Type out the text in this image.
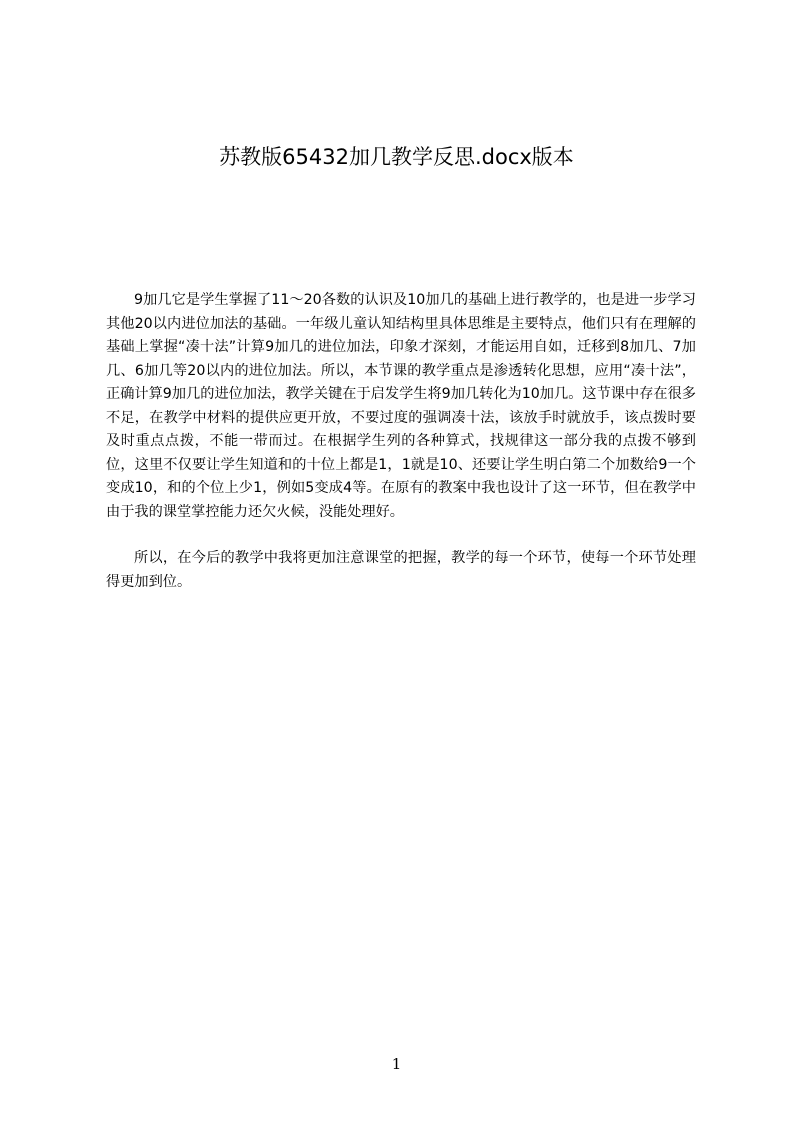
苏教版65432加几教学反思.docx版本

9加几它是学生掌握了11～20各数的认识及10加几的基础上进行教学的，也是进一步学习其他20以内进位加法的基础。一年级儿童认知结构里具体思维是主要特点，他们只有在理解的基础上掌握“凑十法”计算9加几的进位加法，印象才深刻，才能运用自如，迁移到8加几、7加几、6加几等20以内的进位加法。所以，本节课的教学重点是渗透转化思想，应用“凑十法”，正确计算9加几的进位加法，教学关键在于启发学生将9加几转化为10加几。这节课中存在很多不足，在教学中材料的提供应更开放，不要过度的强调凑十法，该放手时就放手，该点拨时要及时重点点拨，不能一带而过。在根据学生列的各种算式，找规律这一部分我的点拨不够到位，这里不仅要让学生知道和的十位上都是1，1就是10、还要让学生明白第二个加数给9一个变成10，和的个位上少1，例如5变成4等。在原有的教案中我也设计了这一环节，但在教学中由于我的课堂掌控能力还欠火候，没能处理好。

所以，在今后的教学中我将更加注意课堂的把握，教学的每一个环节，使每一个环节处理得更加到位。

1
